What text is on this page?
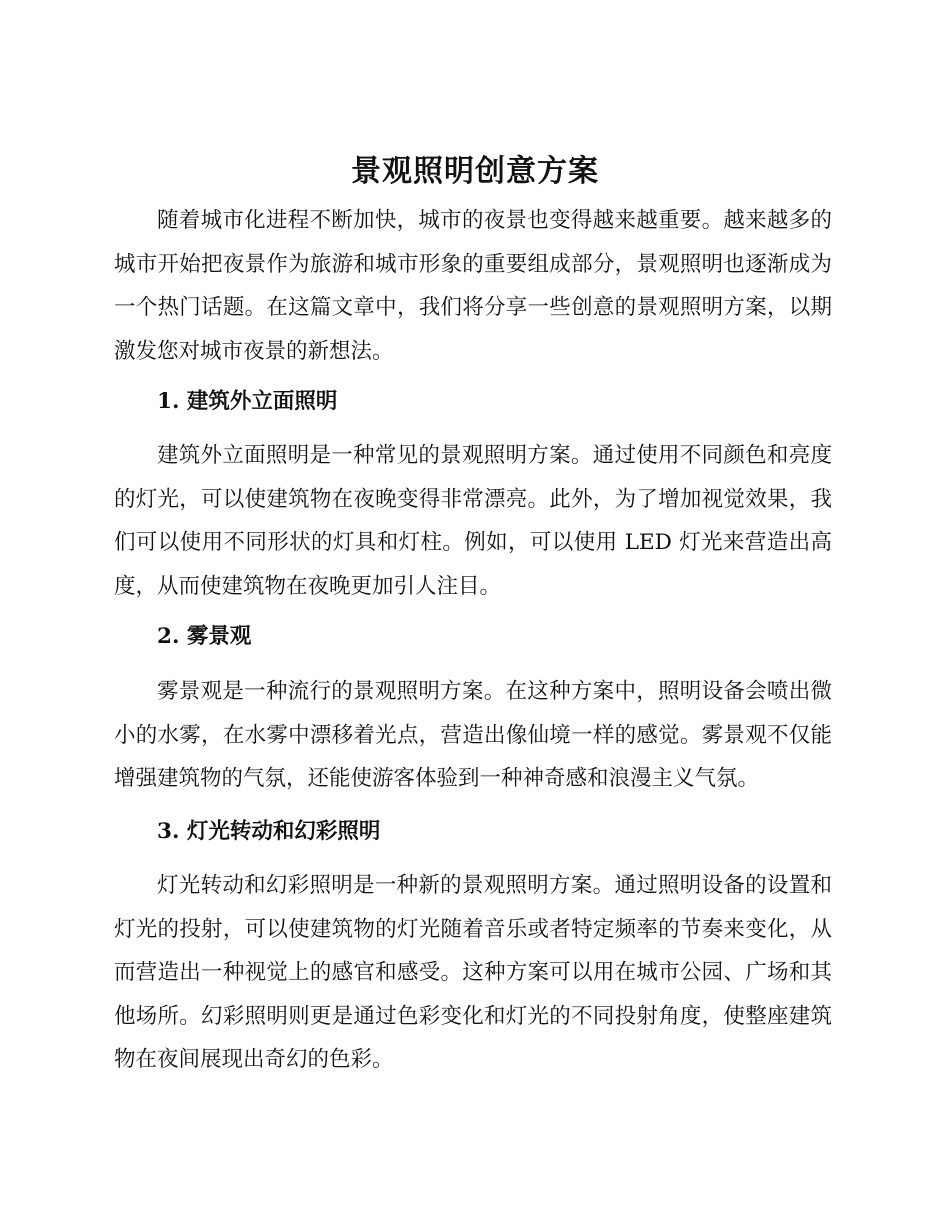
景观照明创意方案

随着城市化进程不断加快，城市的夜景也变得越来越重要。越来越多的城市开始把夜景作为旅游和城市形象的重要组成部分，景观照明也逐渐成为一个热门话题。在这篇文章中，我们将分享一些创意的景观照明方案，以期激发您对城市夜景的新想法。

1. 建筑外立面照明

建筑外立面照明是一种常见的景观照明方案。通过使用不同颜色和亮度的灯光，可以使建筑物在夜晚变得非常漂亮。此外，为了增加视觉效果，我们可以使用不同形状的灯具和灯柱。例如，可以使用 LED 灯光来营造出高度，从而使建筑物在夜晚更加引人注目。

2. 雾景观

雾景观是一种流行的景观照明方案。在这种方案中，照明设备会喷出微小的水雾，在水雾中漂移着光点，营造出像仙境一样的感觉。雾景观不仅能增强建筑物的气氛，还能使游客体验到一种神奇感和浪漫主义气氛。

3. 灯光转动和幻彩照明

灯光转动和幻彩照明是一种新的景观照明方案。通过照明设备的设置和灯光的投射，可以使建筑物的灯光随着音乐或者特定频率的节奏来变化，从而营造出一种视觉上的感官和感受。这种方案可以用在城市公园、广场和其他场所。幻彩照明则更是通过色彩变化和灯光的不同投射角度，使整座建筑物在夜间展现出奇幻的色彩。
